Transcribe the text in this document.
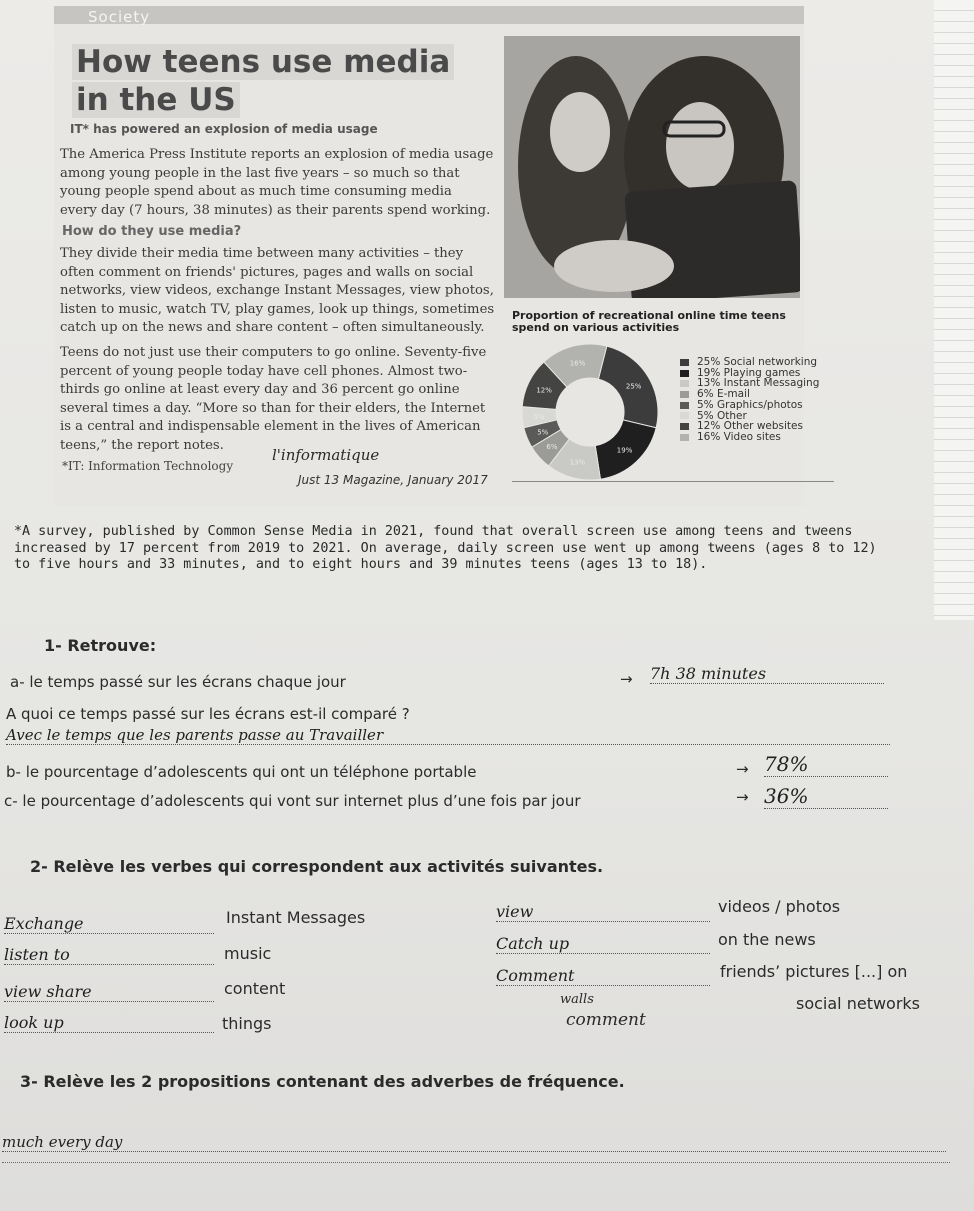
Society
How teens use media
in the US
IT* has powered an explosion of media usage
The America Press Institute reports an explosion of media usage
among young people in the last five years – so much so that
young people spend about as much time consuming media
every day (7 hours, 38 minutes) as their parents spend working.
How do they use media?
They divide their media time between many activities – they
often comment on friends' pictures, pages and walls on social
networks, view videos, exchange Instant Messages, view photos,
listen to music, watch TV, play games, look up things, sometimes
catch up on the news and share content – often simultaneously.
Teens do not just use their computers to go online. Seventy-five
percent of young people today have cell phones. Almost two-
thirds go online at least every day and 36 percent go online
several times a day. “More so than for their elders, the Internet
is a central and indispensable element in the lives of American
teens,” the report notes.
l'informatique
*IT: Information Technology
Just 13 Magazine, January 2017
Proportion of recreational online time teens spend on various activities
25%
19%
13%
6%
5%
5%
12%
16%	25% Social networking
19% Playing games
13% Instant Messaging
6% E-mail
5% Graphics/photos
5% Other
12% Other websites
16% Video sites
*A survey, published by Common Sense Media in 2021, found that overall screen use among teens and tweens
increased by 17 percent from 2019 to 2021. On average, daily screen use went up among tweens (ages 8 to 12)
to five hours and 33 minutes, and to eight hours and 39 minutes teens (ages 13 to 18).
1- Retrouve:
a- le temps passé sur les écrans chaque jour	→ 7h 38 minutes
A quoi ce temps passé sur les écrans est-il comparé ?
Avec le temps que les parents passe au Travailler
b- le pourcentage d’adolescents qui ont un téléphone portable	→ 78%
c- le pourcentage d’adolescents qui vont sur internet plus d’une fois par jour	→ 36%
2- Relève les verbes qui correspondent aux activités suivantes.
Exchange	Instant Messages
listen to	music
view share	content
look up	things
view	videos / photos
Catch up	on the news
Comment	friends’ pictures [...] on
walls
comment
social networks
3- Relève les 2 propositions contenant des adverbes de fréquence.
much every day
